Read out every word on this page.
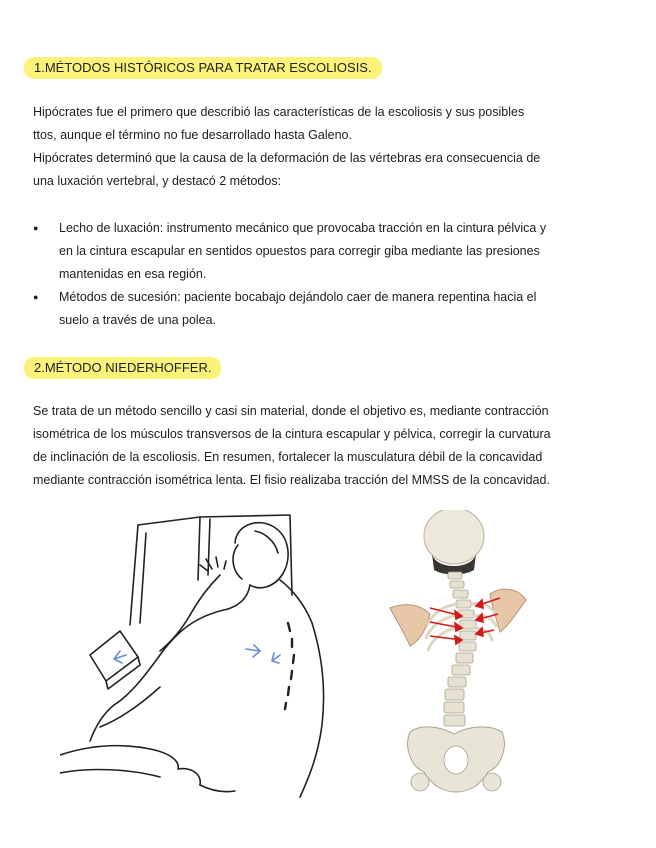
1.MÉTODOS HISTÓRICOS PARA TRATAR ESCOLIOSIS.

Hipócrates fue el primero que describió las características de la escoliosis y sus posibles

ttos, aunque el término no fue desarrollado hasta Galeno.

Hipócrates determinó que la causa de la deformación de las vértebras era consecuencia de

una luxación vertebral, y destacó 2 métodos:

● Lecho de luxación: instrumento mecánico que provocaba tracción en la cintura pélvica y
en la cintura escapular en sentidos opuestos para corregir giba mediante las presiones
mantenidas en esa región.
● Métodos de sucesión: paciente bocabajo dejándolo caer de manera repentina hacia el
suelo a través de una polea.
2.MÉTODO NIEDERHOFFER.

Se trata de un método sencillo y casi sin material, donde el objetivo es, mediante contracción

isométrica de los músculos transversos de la cintura escapular y pélvica, corregir la curvatura

de inclinación de la escoliosis. En resumen, fortalecer la musculatura débil de la concavidad

mediante contracción isométrica lenta. El fisio realizaba tracción del MMSS de la concavidad.
